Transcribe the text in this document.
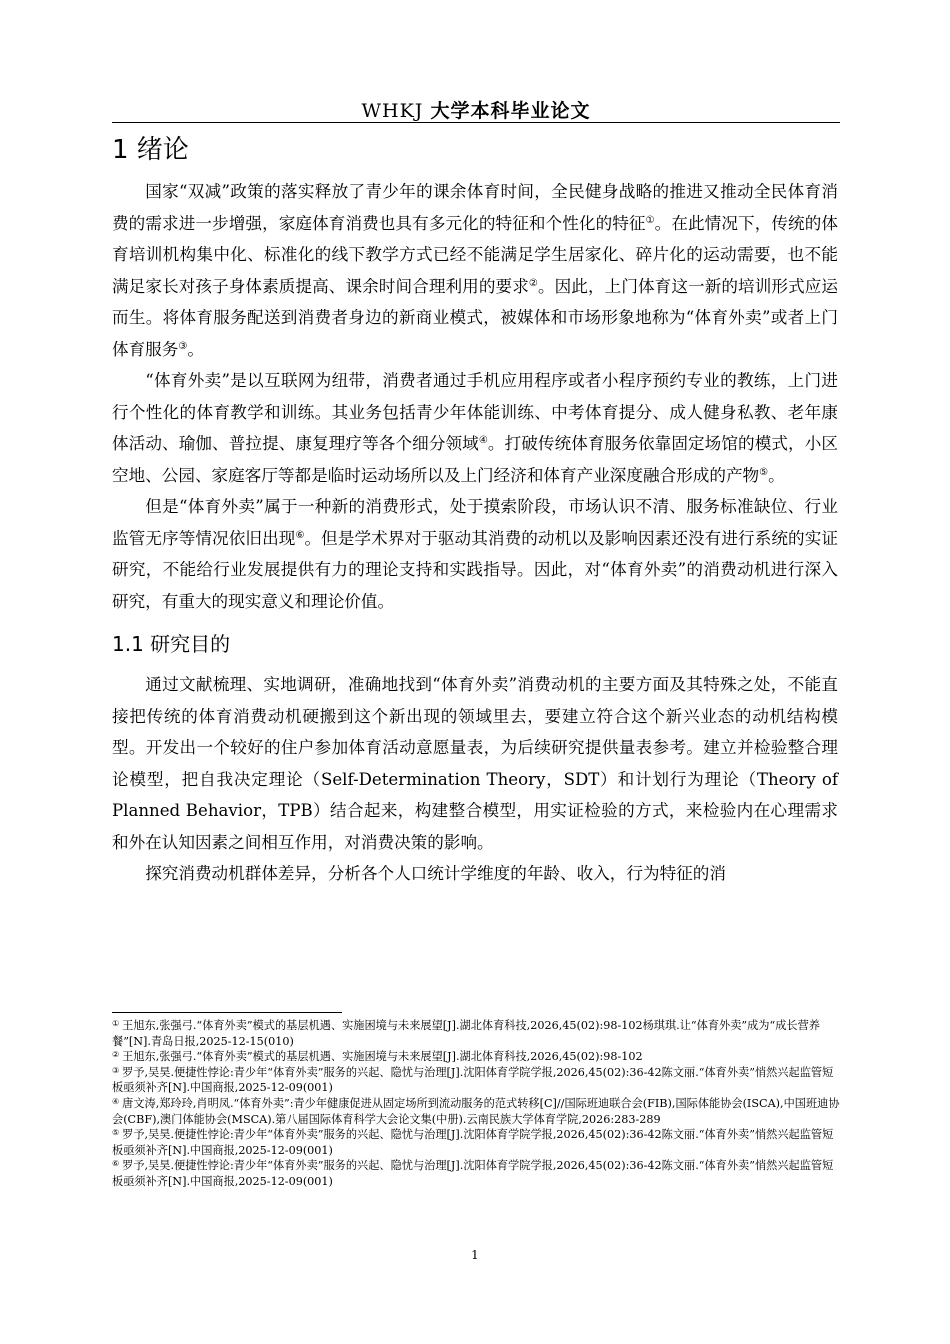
WHKJ 大学本科毕业论文
1 绪论

国家“双减”政策的落实释放了青少年的课余体育时间，全民健身战略的推进又推动全民体育消费的需求进一步增强，家庭体育消费也具有多元化的特征和个性化的特征①。在此情况下，传统的体育培训机构集中化、标准化的线下教学方式已经不能满足学生居家化、碎片化的运动需要，也不能满足家长对孩子身体素质提高、课余时间合理利用的要求②。因此，上门体育这一新的培训形式应运而生。将体育服务配送到消费者身边的新商业模式，被媒体和市场形象地称为“体育外卖”或者上门体育服务③。

“体育外卖”是以互联网为纽带，消费者通过手机应用程序或者小程序预约专业的教练，上门进行个性化的体育教学和训练。其业务包括青少年体能训练、中考体育提分、成人健身私教、老年康体活动、瑜伽、普拉提、康复理疗等各个细分领域④。打破传统体育服务依靠固定场馆的模式，小区空地、公园、家庭客厅等都是临时运动场所以及上门经济和体育产业深度融合形成的产物⑤。

但是“体育外卖”属于一种新的消费形式，处于摸索阶段，市场认识不清、服务标准缺位、行业监管无序等情况依旧出现⑥。但是学术界对于驱动其消费的动机以及影响因素还没有进行系统的实证研究，不能给行业发展提供有力的理论支持和实践指导。因此，对“体育外卖”的消费动机进行深入研究，有重大的现实意义和理论价值。

1.1 研究目的

通过文献梳理、实地调研，准确地找到“体育外卖”消费动机的主要方面及其特殊之处，不能直接把传统的体育消费动机硬搬到这个新出现的领域里去，要建立符合这个新兴业态的动机结构模型。开发出一个较好的住户参加体育活动意愿量表，为后续研究提供量表参考。建立并检验整合理论模型，把自我决定理论（Self-Determination Theory，SDT）和计划行为理论（Theory of Planned Behavior，TPB）结合起来，构建整合模型，用实证检验的方式，来检验内在心理需求和外在认知因素之间相互作用，对消费决策的影响。

探究消费动机群体差异，分析各个人口统计学维度的年龄、收入，行为特征的消

① 王旭东,张强弓.“体育外卖”模式的基层机遇、实施困境与未来展望[J].湖北体育科技,2026,45(02):98-102杨琪琪.让“体育外卖”成为“成长营养餐”[N].青岛日报,2025-12-15(010)
② 王旭东,张强弓.“体育外卖”模式的基层机遇、实施困境与未来展望[J].湖北体育科技,2026,45(02):98-102
③ 罗予,吴昊.便捷性悖论:青少年“体育外卖”服务的兴起、隐忧与治理[J].沈阳体育学院学报,2026,45(02):36-42陈文丽.“体育外卖”悄然兴起监管短板亟须补齐[N].中国商报,2025-12-09(001)
④ 唐文涛,郑玲玲,肖明凤.“体育外卖”:青少年健康促进从固定场所到流动服务的范式转移[C]//国际班迪联合会(FIB),国际体能协会(ISCA),中国班迪协会(CBF),澳门体能协会(MSCA).第八届国际体育科学大会论文集(中册).云南民族大学体育学院,2026:283-289
⑤ 罗予,吴昊.便捷性悖论:青少年“体育外卖”服务的兴起、隐忧与治理[J].沈阳体育学院学报,2026,45(02):36-42陈文丽.“体育外卖”悄然兴起监管短板亟须补齐[N].中国商报,2025-12-09(001)
⑥ 罗予,吴昊.便捷性悖论:青少年“体育外卖”服务的兴起、隐忧与治理[J].沈阳体育学院学报,2026,45(02):36-42陈文丽.“体育外卖”悄然兴起监管短板亟须补齐[N].中国商报,2025-12-09(001)
1
